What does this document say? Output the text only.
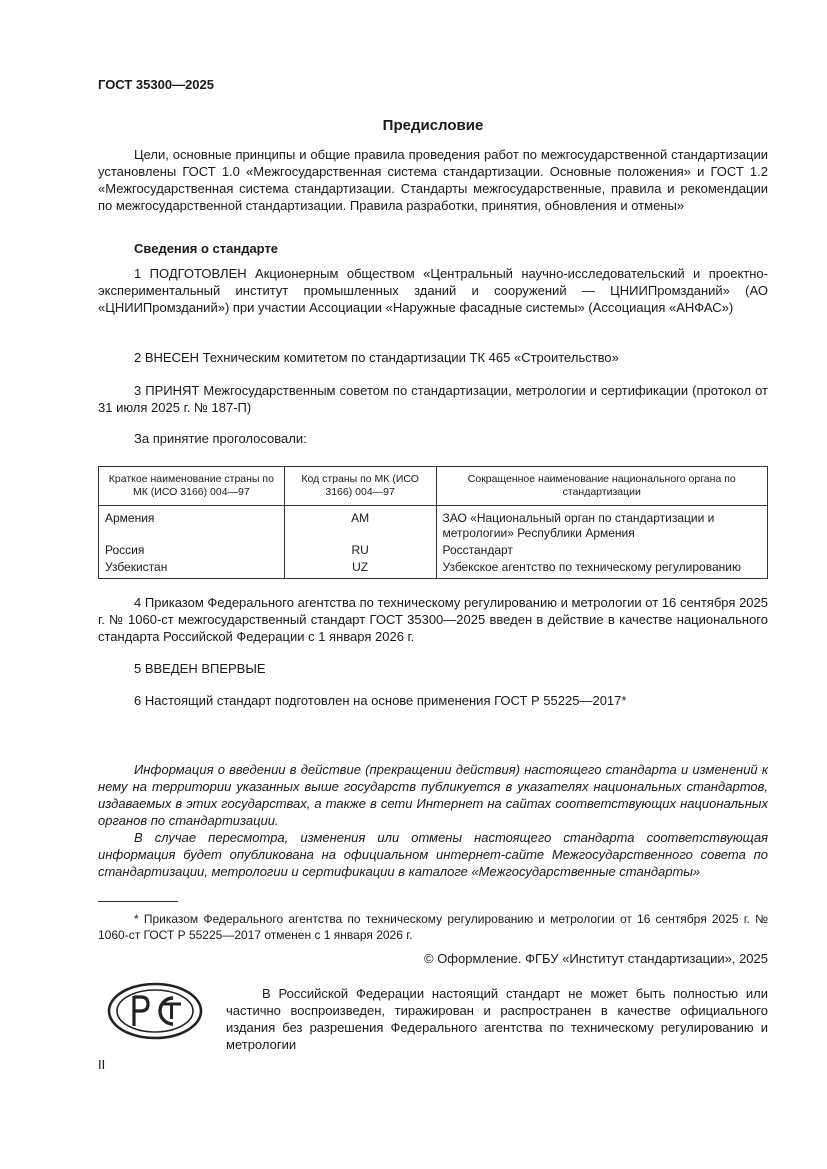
ГОСТ 35300—2025
Предисловие
Цели, основные принципы и общие правила проведения работ по межгосударственной стандартизации установлены ГОСТ 1.0 «Межгосударственная система стандартизации. Основные положения» и ГОСТ 1.2 «Межгосударственная система стандартизации. Стандарты межгосударственные, правила и рекомендации по межгосударственной стандартизации. Правила разработки, принятия, обновления и отмены»
Сведения о стандарте
1 ПОДГОТОВЛЕН Акционерным обществом «Центральный научно-исследовательский и проектно-экспериментальный институт промышленных зданий и сооружений — ЦНИИПромзданий» (АО «ЦНИИПромзданий») при участии Ассоциации «Наружные фасадные системы» (Ассоциация «АНФАС»)
2 ВНЕСЕН Техническим комитетом по стандартизации ТК 465 «Строительство»
3 ПРИНЯТ Межгосударственным советом по стандартизации, метрологии и сертификации (протокол от 31 июля 2025 г. № 187-П)
За принятие проголосовали:
Краткое наименование страны по МК (ИСО 3166) 004—97	Код страны по МК (ИСО 3166) 004—97	Сокращенное наименование национального органа по стандартизации
Армения	AM	ЗАО «Национальный орган по стандартизации и метрологии» Республики Армения
Россия	RU	Росстандарт
Узбекистан	UZ	Узбекское агентство по техническому регулированию
4 Приказом Федерального агентства по техническому регулированию и метрологии от 16 сентября 2025 г. № 1060-ст межгосударственный стандарт ГОСТ 35300—2025 введен в действие в качестве национального стандарта Российской Федерации с 1 января 2026 г.
5 ВВЕДЕН ВПЕРВЫЕ
6 Настоящий стандарт подготовлен на основе применения ГОСТ Р 55225—2017*
Информация о введении в действие (прекращении действия) настоящего стандарта и изменений к нему на территории указанных выше государств публикуется в указателях национальных стандартов, издаваемых в этих государствах, а также в сети Интернет на сайтах соответствующих национальных органов по стандартизации.
В случае пересмотра, изменения или отмены настоящего стандарта соответствующая информация будет опубликована на официальном интернет-сайте Межгосударственного совета по стандартизации, метрологии и сертификации в каталоге «Межгосударственные стандарты»
* Приказом Федерального агентства по техническому регулированию и метрологии от 16 сентября 2025 г. № 1060-ст ГОСТ Р 55225—2017 отменен с 1 января 2026 г.
© Оформление. ФГБУ «Институт стандартизации», 2025
В Российской Федерации настоящий стандарт не может быть полностью или частично воспроизведен, тиражирован и распространен в качестве официального издания без разрешения Федерального агентства по техническому регулированию и метрологии
II
